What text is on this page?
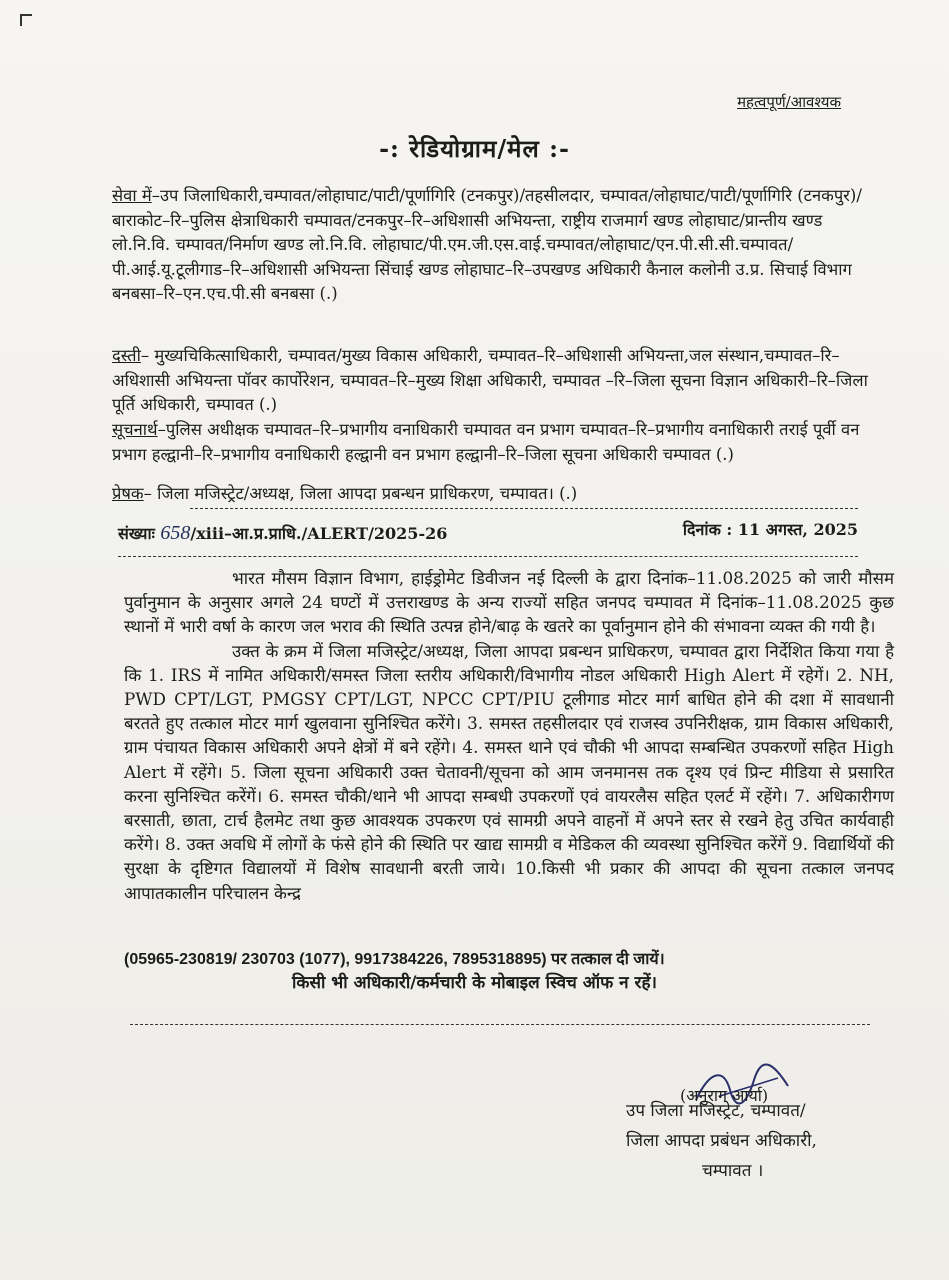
महत्वपूर्ण/आवश्यक
-: रेडियोग्राम/मेल :-
सेवा में–उप जिलाधिकारी,चम्पावत/लोहाघाट/पाटी/पूर्णागिरि (टनकपुर)/तहसीलदार, चम्पावत/लोहाघाट/पाटी/पूर्णागिरि (टनकपुर)/बाराकोट–रि–पुलिस क्षेत्राधिकारी चम्पावत/टनकपुर–रि–अधिशासी अभियन्ता, राष्ट्रीय राजमार्ग खण्ड लोहाघाट/प्रान्तीय खण्ड लो.नि.वि. चम्पावत/निर्माण खण्ड लो.नि.वि. लोहाघाट/पी.एम.जी.एस.वाई.चम्पावत/लोहाघाट/एन.पी.सी.सी.चम्पावत/पी.आई.यू.टूलीगाड–रि–अधिशासी अभियन्ता सिंचाई खण्ड लोहाघाट–रि–उपखण्ड अधिकारी कैनाल कलोनी उ.प्र. सिचाई विभाग बनबसा–रि–एन.एच.पी.सी बनबसा (.)
दस्ती– मुख्यचिकित्साधिकारी, चम्पावत/मुख्य विकास अधिकारी, चम्पावत–रि–अधिशासी अभियन्ता,जल संस्थान,चम्पावत–रि–अधिशासी अभियन्ता पॉवर कार्पोरेशन, चम्पावत–रि–मुख्य शिक्षा अधिकारी, चम्पावत –रि–जिला सूचना विज्ञान अधिकारी–रि–जिला पूर्ति अधिकारी, चम्पावत (.)
सूचनार्थ–पुलिस अधीक्षक चम्पावत–रि–प्रभागीय वनाधिकारी चम्पावत वन प्रभाग चम्पावत–रि–प्रभागीय वनाधिकारी तराई पूर्वी वन प्रभाग हल्द्वानी–रि–प्रभागीय वनाधिकारी हल्द्वानी वन प्रभाग हल्द्वानी–रि–जिला सूचना अधिकारी चम्पावत (.)
प्रेषक– जिला मजिस्ट्रेट/अध्यक्ष, जिला आपदा प्रबन्धन प्राधिकरण, चम्पावत। (.)
संख्याः 658/xiii–आ.प्र.प्राधि./ALERT/2025-26	दिनांक : 11 अगस्त, 2025

भारत मौसम विज्ञान विभाग, हाईड्रोमेट डिवीजन नई दिल्ली के द्वारा दिनांक–11.08.2025 को जारी मौसम पुर्वानुमान के अनुसार अगले 24 घण्टों में उत्तराखण्ड के अन्य राज्यों सहित जनपद चम्पावत में दिनांक–11.08.2025 कुछ स्थानों में भारी वर्षा के कारण जल भराव की स्थिति उत्पन्न होने/बाढ़ के खतरे का पूर्वानुमान होने की संभावना व्यक्त की गयी है।

उक्त के क्रम में जिला मजिस्ट्रेट/अध्यक्ष, जिला आपदा प्रबन्धन प्राधिकरण, चम्पावत द्वारा निर्देशित किया गया है कि 1. IRS में नामित अधिकारी/समस्त जिला स्तरीय अधिकारी/विभागीय नोडल अधिकारी High Alert में रहेगें। 2. NH, PWD CPT/LGT, PMGSY CPT/LGT, NPCC CPT/PIU टूलीगाड मोटर मार्ग बाधित होने की दशा में सावधानी बरतते हुए तत्काल मोटर मार्ग खुलवाना सुनिश्चित करेंगे। 3. समस्त तहसीलदार एवं राजस्व उपनिरीक्षक, ग्राम विकास अधिकारी, ग्राम पंचायत विकास अधिकारी अपने क्षेत्रों में बने रहेंगे। 4. समस्त थाने एवं चौकी भी आपदा सम्बन्धित उपकरणों सहित High Alert में रहेंगे। 5. जिला सूचना अधिकारी उक्त चेतावनी/सूचना को आम जनमानस तक दृश्य एवं प्रिन्ट मीडिया से प्रसारित करना सुनिश्चित करेंगें। 6. समस्त चौकी/थाने भी आपदा सम्बधी उपकरणों एवं वायरलैस सहित एलर्ट में रहेंगे। 7. अधिकारीगण बरसाती, छाता, टार्च हैलमेट तथा कुछ आवश्यक उपकरण एवं सामग्री अपने वाहनों में अपने स्तर से रखने हेतु उचित कार्यवाही करेंगे। 8. उक्त अवधि में लोगों के फंसे होने की स्थिति पर खाद्य सामग्री व मेडिकल की व्यवस्था सुनिश्चित करेंगें 9. विद्यार्थियों की सुरक्षा के दृष्टिगत विद्यालयों में विशेष सावधानी बरती जाये। 10.किसी भी प्रकार की आपदा की सूचना तत्काल जनपद आपातकालीन परिचालन केन्द्र

(05965-230819/ 230703 (1077), 9917384226, 7895318895) पर तत्काल दी जायें।
किसी भी अधिकारी/कर्मचारी के मोबाइल स्विच ऑफ न रहें।
(अनुराग आर्या)
उप जिला मजिस्ट्रेट, चम्पावत/
जिला आपदा प्रबंधन अधिकारी,
चम्पावत ।
